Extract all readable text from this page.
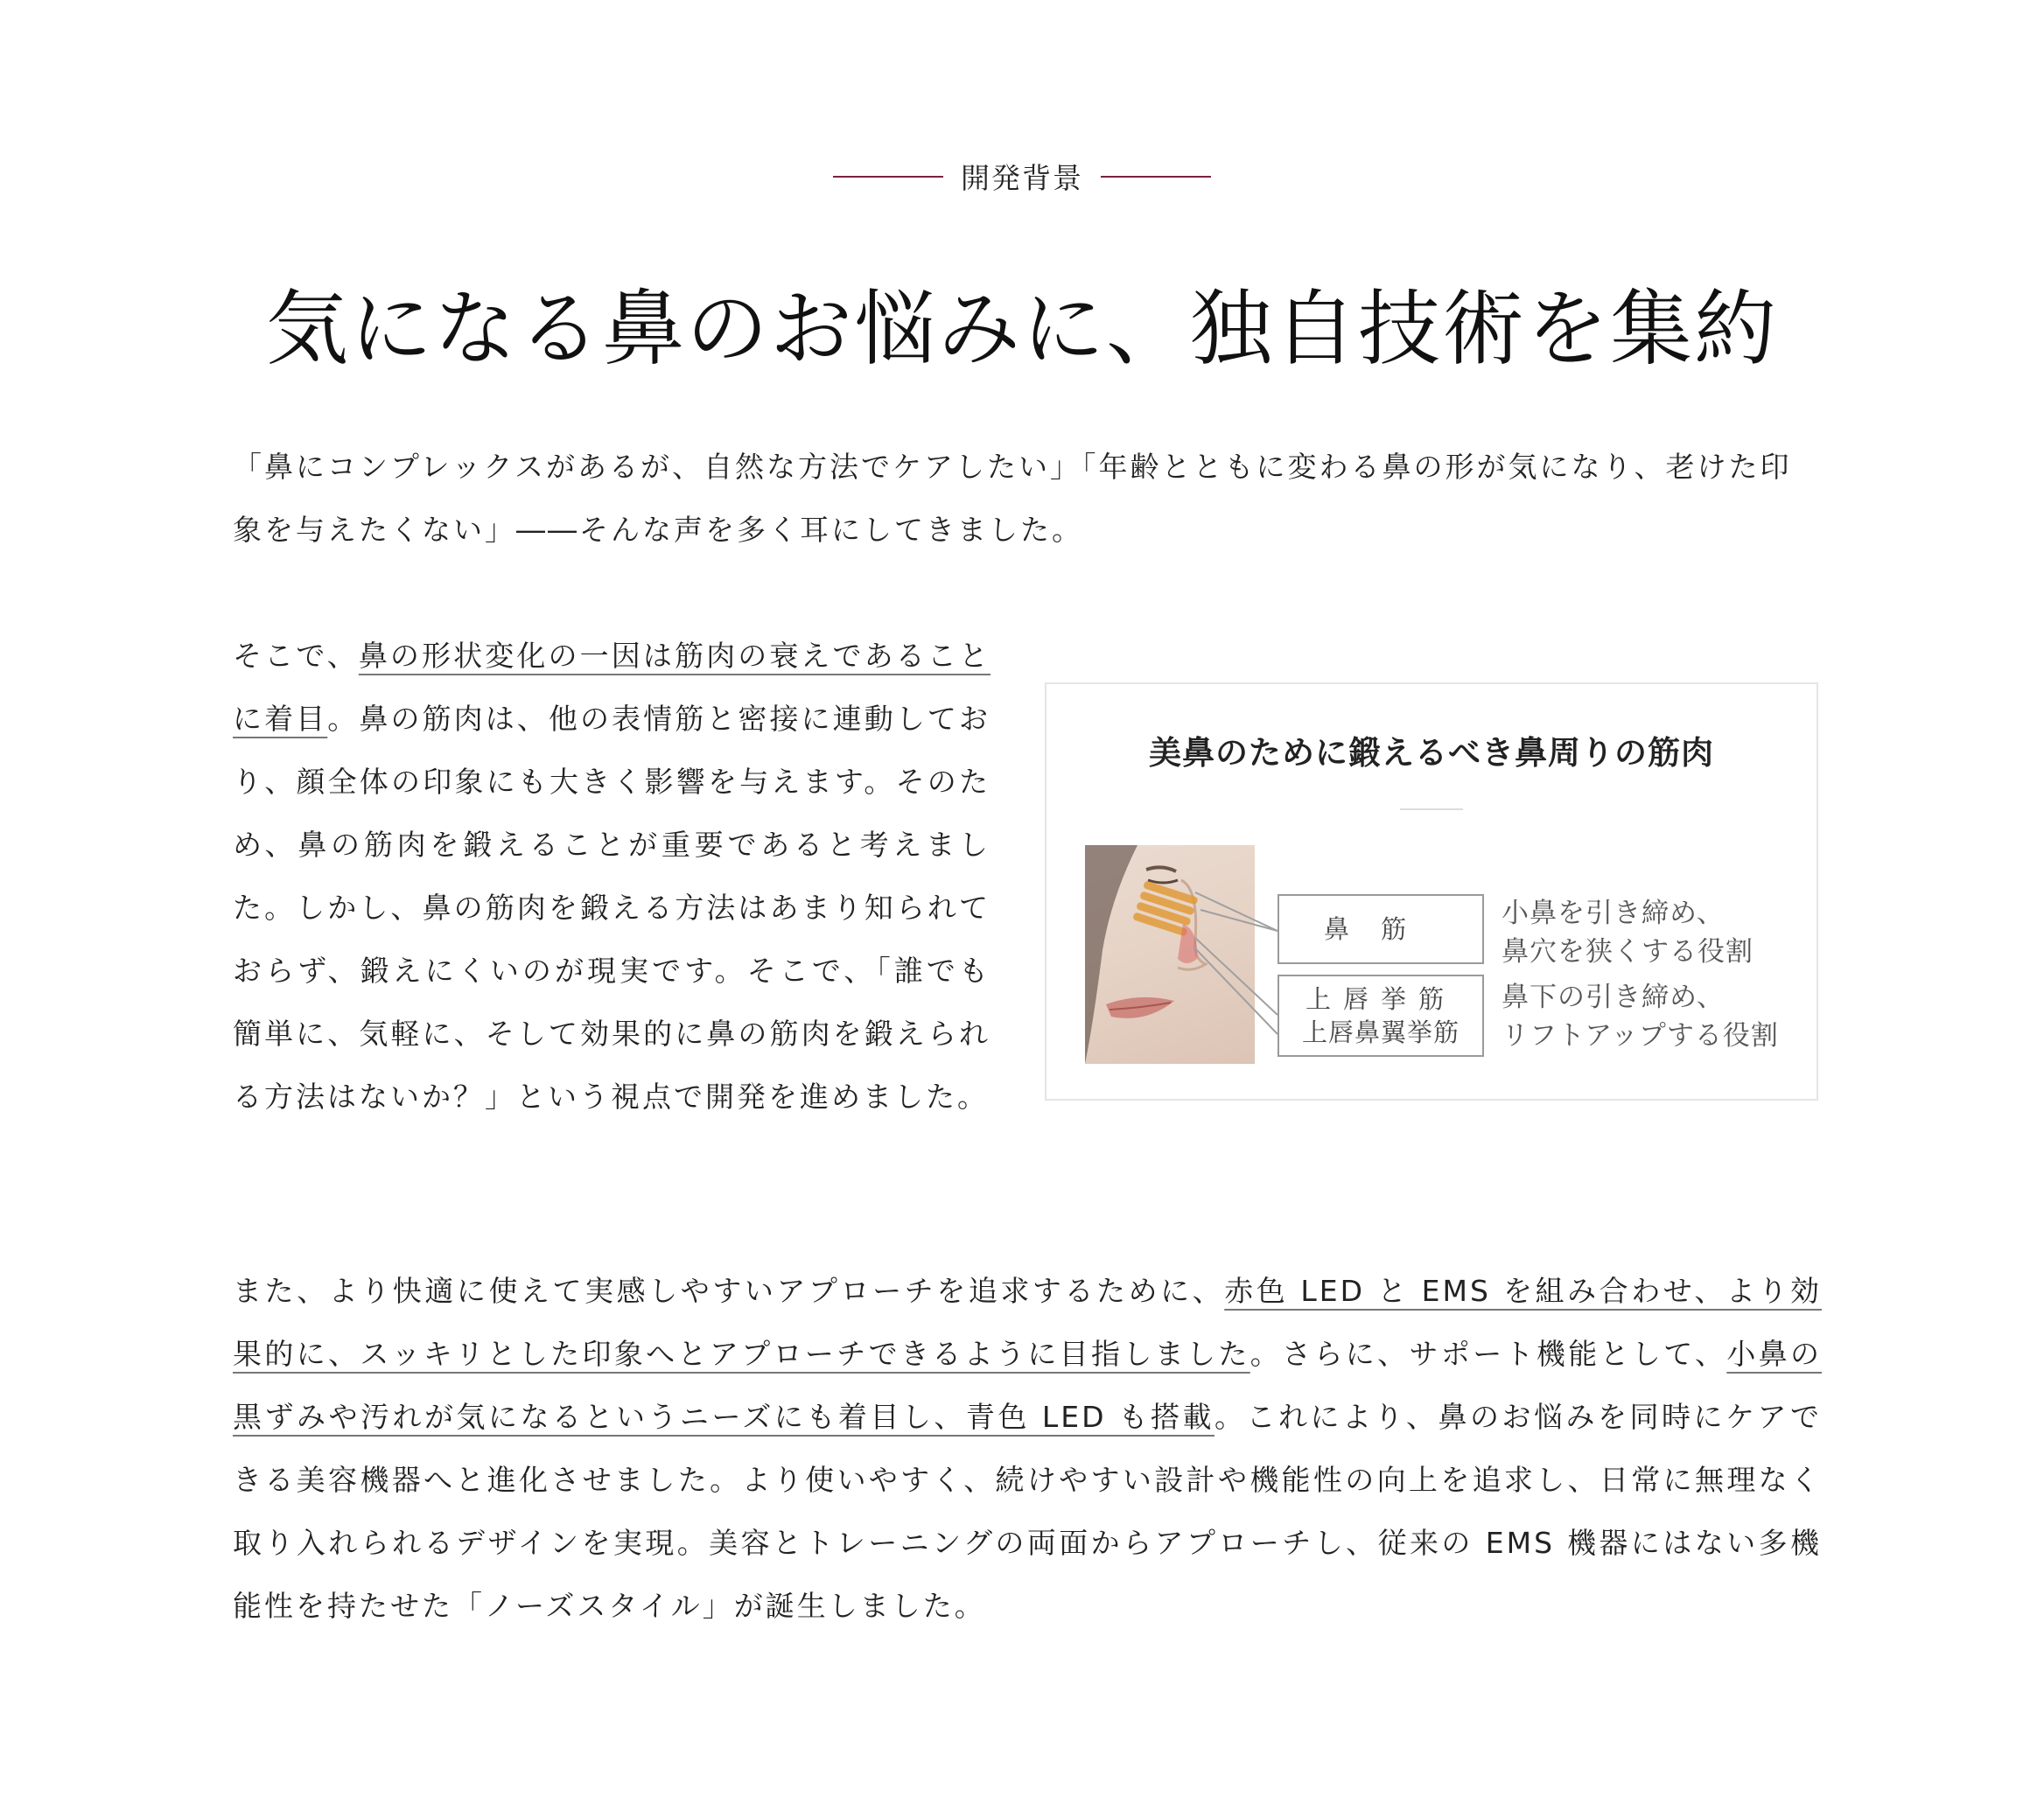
開発背景
気になる鼻のお悩みに、独自技術を集約

「鼻にコンプレックスがあるが、自然な方法でケアしたい」「年齢とともに変わる鼻の形が気になり、老けた印象を与えたくない」――そんな声を多く耳にしてきました。

そこで、鼻の形状変化の一因は筋肉の衰えであることに着目。鼻の筋肉は、他の表情筋と密接に連動しており、顔全体の印象にも大きく影響を与えます。そのため、鼻の筋肉を鍛えることが重要であると考えました。しかし、鼻の筋肉を鍛える方法はあまり知られておらず、鍛えにくいのが現実です。そこで、「誰でも簡単に、気軽に、そして効果的に鼻の筋肉を鍛えられる方法はないか？」という視点で開発を進めました。

美鼻のために鍛えるべき鼻周りの筋肉
鼻筋
上唇挙筋
上唇鼻翼挙筋
小鼻を引き締め、
鼻穴を狭くする役割
鼻下の引き締め、
リフトアップする役割

また、より快適に使えて実感しやすいアプローチを追求するために、赤色 LED と EMS を組み合わせ、より効果的に、スッキリとした印象へとアプローチできるように目指しました。さらに、サポート機能として、小鼻の黒ずみや汚れが気になるというニーズにも着目し、青色 LED も搭載。これにより、鼻のお悩みを同時にケアできる美容機器へと進化させました。より使いやすく、続けやすい設計や機能性の向上を追求し、日常に無理なく取り入れられるデザインを実現。美容とトレーニングの両面からアプローチし、従来の EMS 機器にはない多機能性を持たせた「ノーズスタイル」が誕生しました。
